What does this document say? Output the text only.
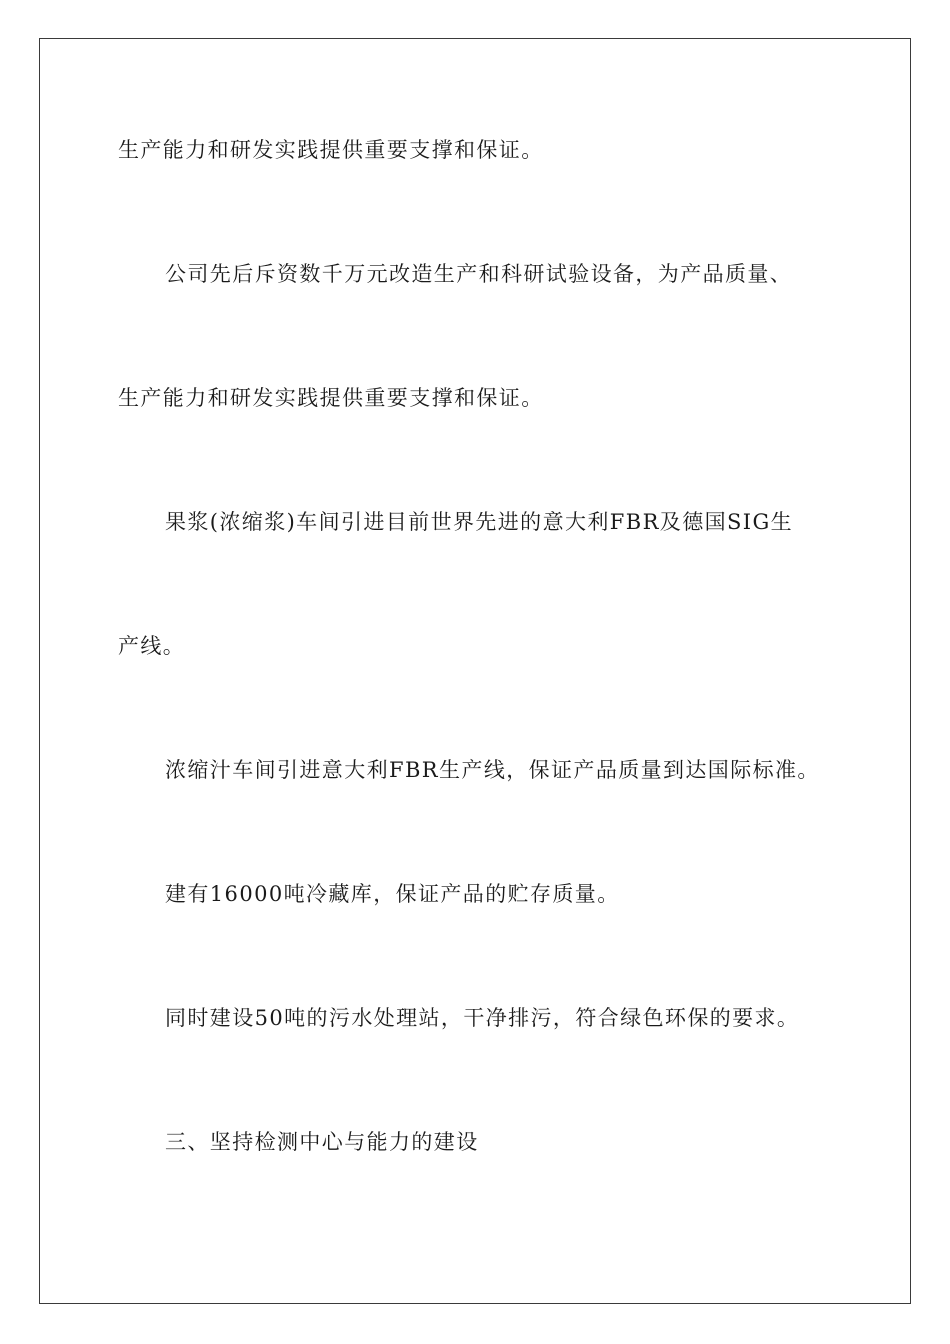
生产能力和研发实践提供重要支撑和保证。

公司先后斥资数千万元改造生产和科研试验设备，为产品质量、

生产能力和研发实践提供重要支撑和保证。

果浆(浓缩浆)车间引进目前世界先进的意大利FBR及德国SIG生

产线。

浓缩汁车间引进意大利FBR生产线，保证产品质量到达国际标准。

建有16000吨冷藏库，保证产品的贮存质量。

同时建设50吨的污水处理站，干净排污，符合绿色环保的要求。

三、坚持检测中心与能力的建设
